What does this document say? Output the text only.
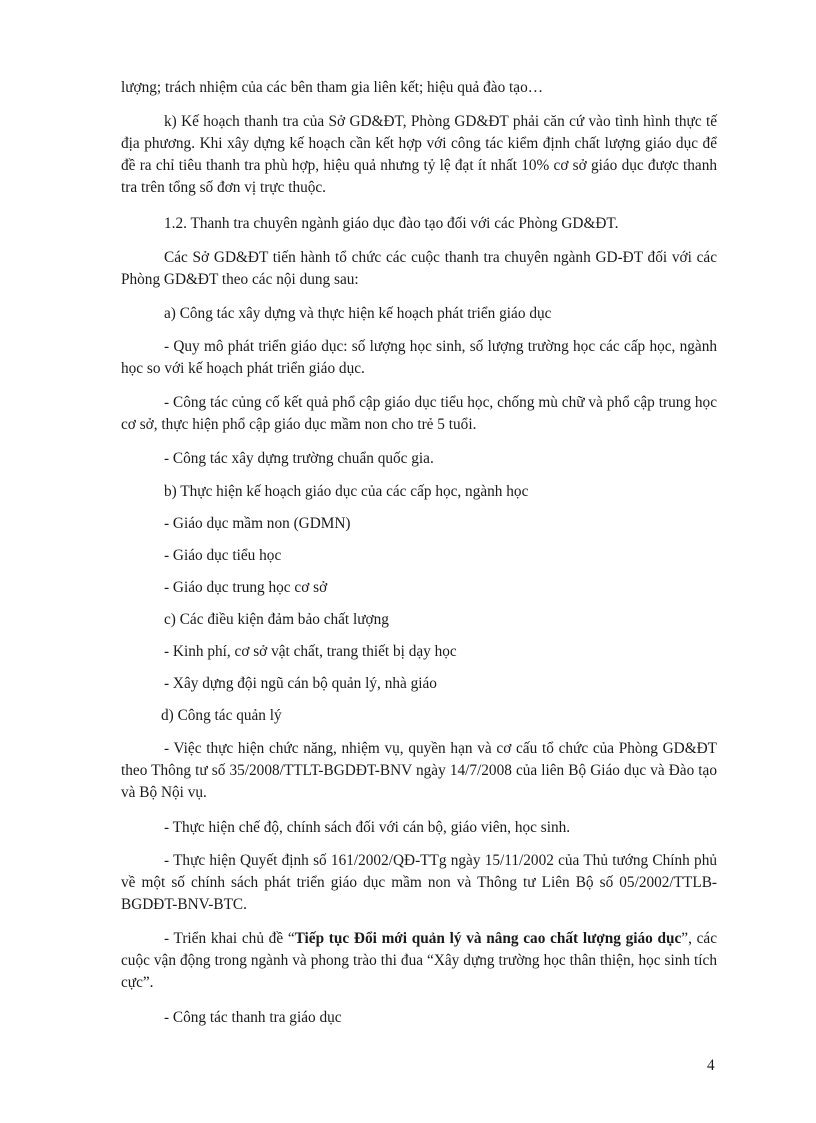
lượng; trách nhiệm của các bên tham gia liên kết; hiệu quả đào tạo…

k) Kế hoạch thanh tra của Sở GD&ĐT, Phòng GD&ĐT phải căn cứ vào tình hình thực tế địa phương. Khi xây dựng kế hoạch cần kết hợp với công tác kiểm định chất lượng giáo dục để đề ra chỉ tiêu thanh tra phù hợp, hiệu quả nhưng tỷ lệ đạt ít nhất 10% cơ sở giáo dục được thanh tra trên tổng số đơn vị trực thuộc.

1.2. Thanh tra chuyên ngành giáo dục đào tạo đối với các Phòng GD&ĐT.

Các Sở GD&ĐT tiến hành tổ chức các cuộc thanh tra chuyên ngành GD-ĐT đối với các Phòng GD&ĐT theo các nội dung sau:

a) Công tác xây dựng và thực hiện kế hoạch phát triển giáo dục

- Quy mô phát triển giáo dục: số lượng học sinh, số lượng trường học các cấp học, ngành học so với kế hoạch phát triển giáo dục.

- Công tác củng cố kết quả phổ cập giáo dục tiểu học, chống mù chữ và phổ cập trung học cơ sở, thực hiện phổ cập giáo dục mầm non cho trẻ 5 tuổi.

- Công tác xây dựng trường chuẩn quốc gia.

b) Thực hiện kế hoạch giáo dục của các cấp học, ngành học

- Giáo dục mầm non (GDMN)

- Giáo dục tiểu học

- Giáo dục trung học cơ sở

c) Các điều kiện đảm bảo chất lượng

- Kinh phí, cơ sở vật chất, trang thiết bị dạy học

- Xây dựng đội ngũ cán bộ quản lý, nhà giáo

d) Công tác quản lý

- Việc thực hiện chức năng, nhiệm vụ, quyền hạn và cơ cấu tổ chức của Phòng GD&ĐT theo Thông tư số 35/2008/TTLT-BGDĐT-BNV ngày 14/7/2008 của liên Bộ Giáo dục và Đào tạo và Bộ Nội vụ.

- Thực hiện chế độ, chính sách đối với cán bộ, giáo viên, học sinh.

- Thực hiện Quyết định số 161/2002/QĐ-TTg ngày 15/11/2002 của Thủ tướng Chính phủ về một số chính sách phát triển giáo dục mầm non và Thông tư Liên Bộ số 05/2002/TTLB-BGDĐT-BNV-BTC.

- Triển khai chủ đề “Tiếp tục Đổi mới quản lý và nâng cao chất lượng giáo dục”, các cuộc vận động trong ngành và phong trào thi đua “Xây dựng trường học thân thiện, học sinh tích cực”.

- Công tác thanh tra giáo dục

4
